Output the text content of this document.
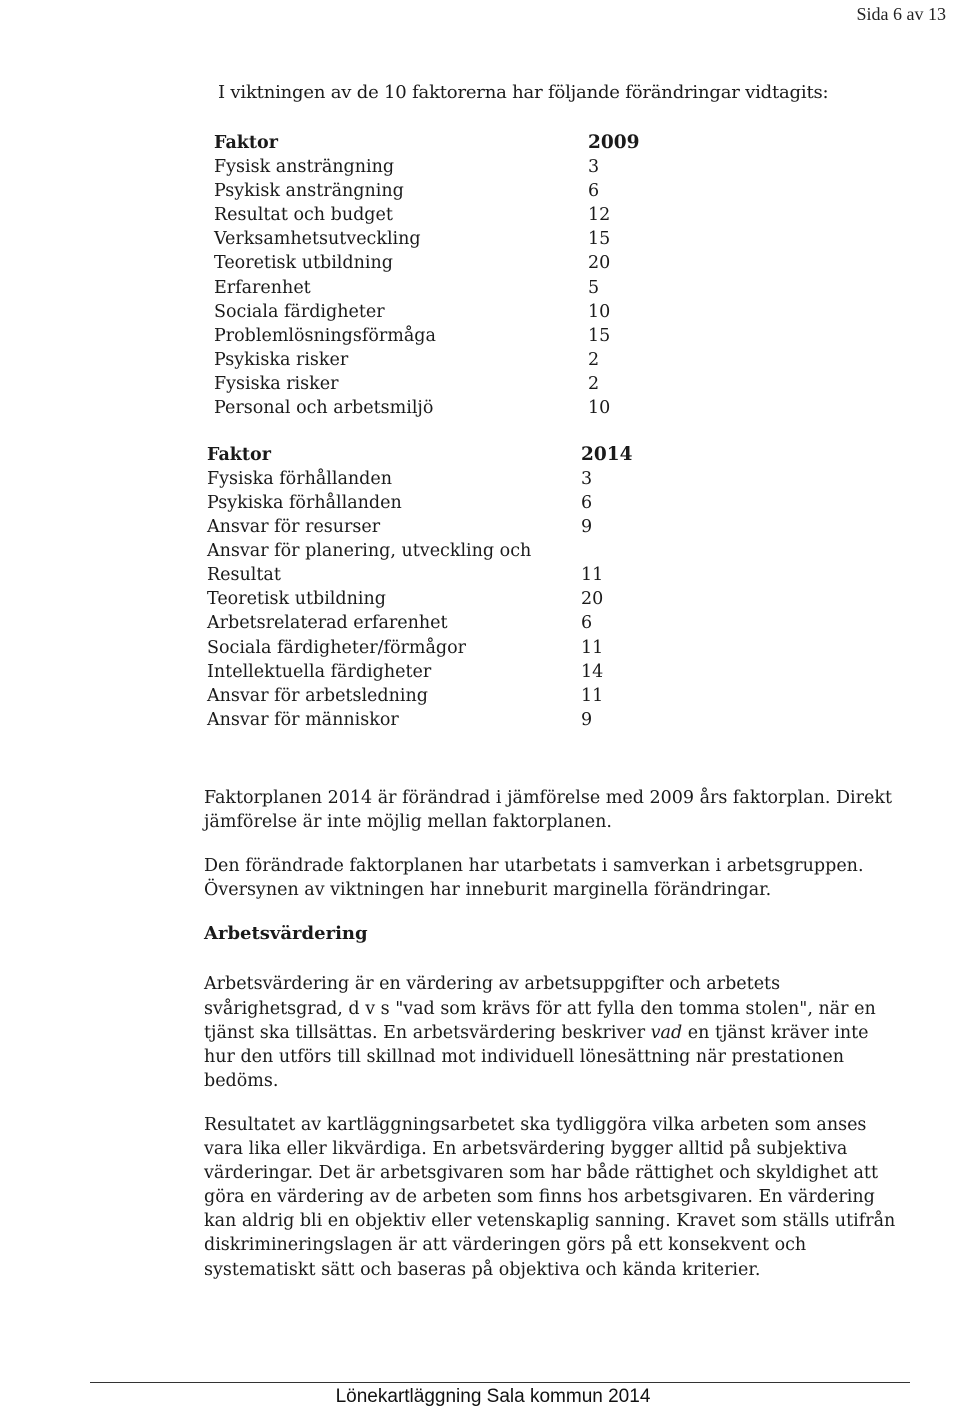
Sida 6 av 13
I viktningen av de 10 faktorerna har följande förändringar vidtagits:
Faktor	2009
Fysisk ansträngning	3
Psykisk ansträngning	6
Resultat och budget	12
Verksamhetsutveckling	15
Teoretisk utbildning	20
Erfarenhet	5
Sociala färdigheter	10
Problemlösningsförmåga	15
Psykiska risker	2
Fysiska risker	2
Personal och arbetsmiljö	10
Faktor	2014
Fysiska förhållanden	3
Psykiska förhållanden	6
Ansvar för resurser	9
Ansvar för planering, utveckling och
Resultat	11
Teoretisk utbildning	20
Arbetsrelaterad erfarenhet	6
Sociala färdigheter/förmågor	11
Intellektuella färdigheter	14
Ansvar för arbetsledning	11
Ansvar för människor	9

Faktorplanen 2014 är förändrad i jämförelse med 2009 års faktorplan. Direkt jämförelse är inte möjlig mellan faktorplanen.

Den förändrade faktorplanen har utarbetats i samverkan i arbetsgruppen. Översynen av viktningen har inneburit marginella förändringar.

Arbetsvärdering

Arbetsvärdering är en värdering av arbetsuppgifter och arbetets svårighetsgrad, d v s "vad som krävs för att fylla den tomma stolen", när en tjänst ska tillsättas. En arbetsvärdering beskriver vad en tjänst kräver inte hur den utförs till skillnad mot individuell lönesättning när prestationen bedöms.

Resultatet av kartläggningsarbetet ska tydliggöra vilka arbeten som anses vara lika eller likvärdiga. En arbetsvärdering bygger alltid på subjektiva värderingar. Det är arbetsgivaren som har både rättighet och skyldighet att göra en värdering av de arbeten som finns hos arbetsgivaren. En värdering kan aldrig bli en objektiv eller vetenskaplig sanning. Kravet som ställs utifrån diskrimineringslagen är att värderingen görs på ett konsekvent och systematiskt sätt och baseras på objektiva och kända kriterier.

Lönekartläggning Sala kommun 2014
